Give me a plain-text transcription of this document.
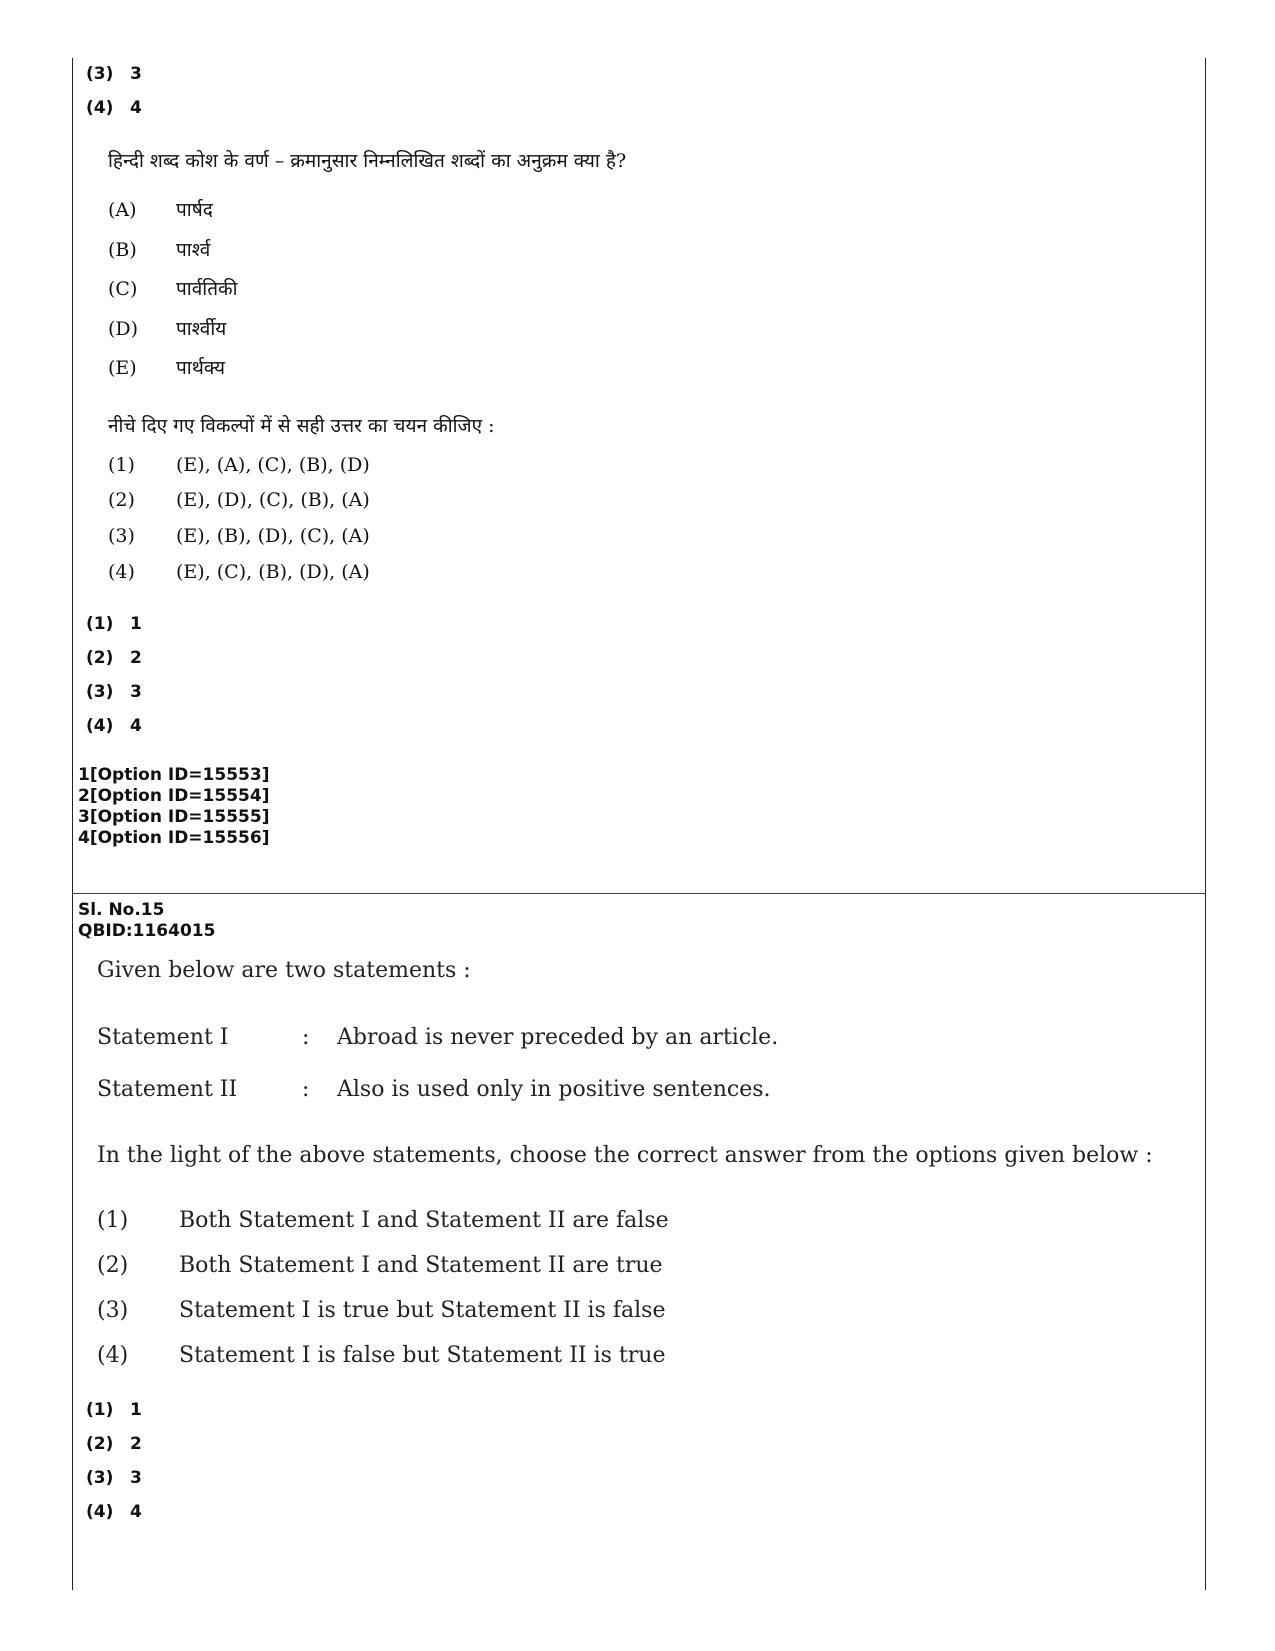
(3) 3
(4) 4
हिन्दी शब्द कोश के वर्ण – क्रमानुसार निम्नलिखित शब्दों का अनुक्रम क्या है?
(A) पार्षद
(B) पार्श्व
(C) पार्वतिकी
(D) पार्श्वीय
(E) पार्थक्य
नीचे दिए गए विकल्पों में से सही उत्तर का चयन कीजिए :
(1) (E), (A), (C), (B), (D)
(2) (E), (D), (C), (B), (A)
(3) (E), (B), (D), (C), (A)
(4) (E), (C), (B), (D), (A)
(1) 1
(2) 2
(3) 3
(4) 4
1[Option ID=15553]
2[Option ID=15554]
3[Option ID=15555]
4[Option ID=15556]
Sl. No.15
QBID:1164015
Given below are two statements :
Statement I	: Abroad is never preceded by an article.
Statement II	: Also is used only in positive sentences.
In the light of the above statements, choose the correct answer from the options given below :
(1) Both Statement I and Statement II are false
(2) Both Statement I and Statement II are true
(3) Statement I is true but Statement II is false
(4) Statement I is false but Statement II is true
(1) 1
(2) 2
(3) 3
(4) 4
